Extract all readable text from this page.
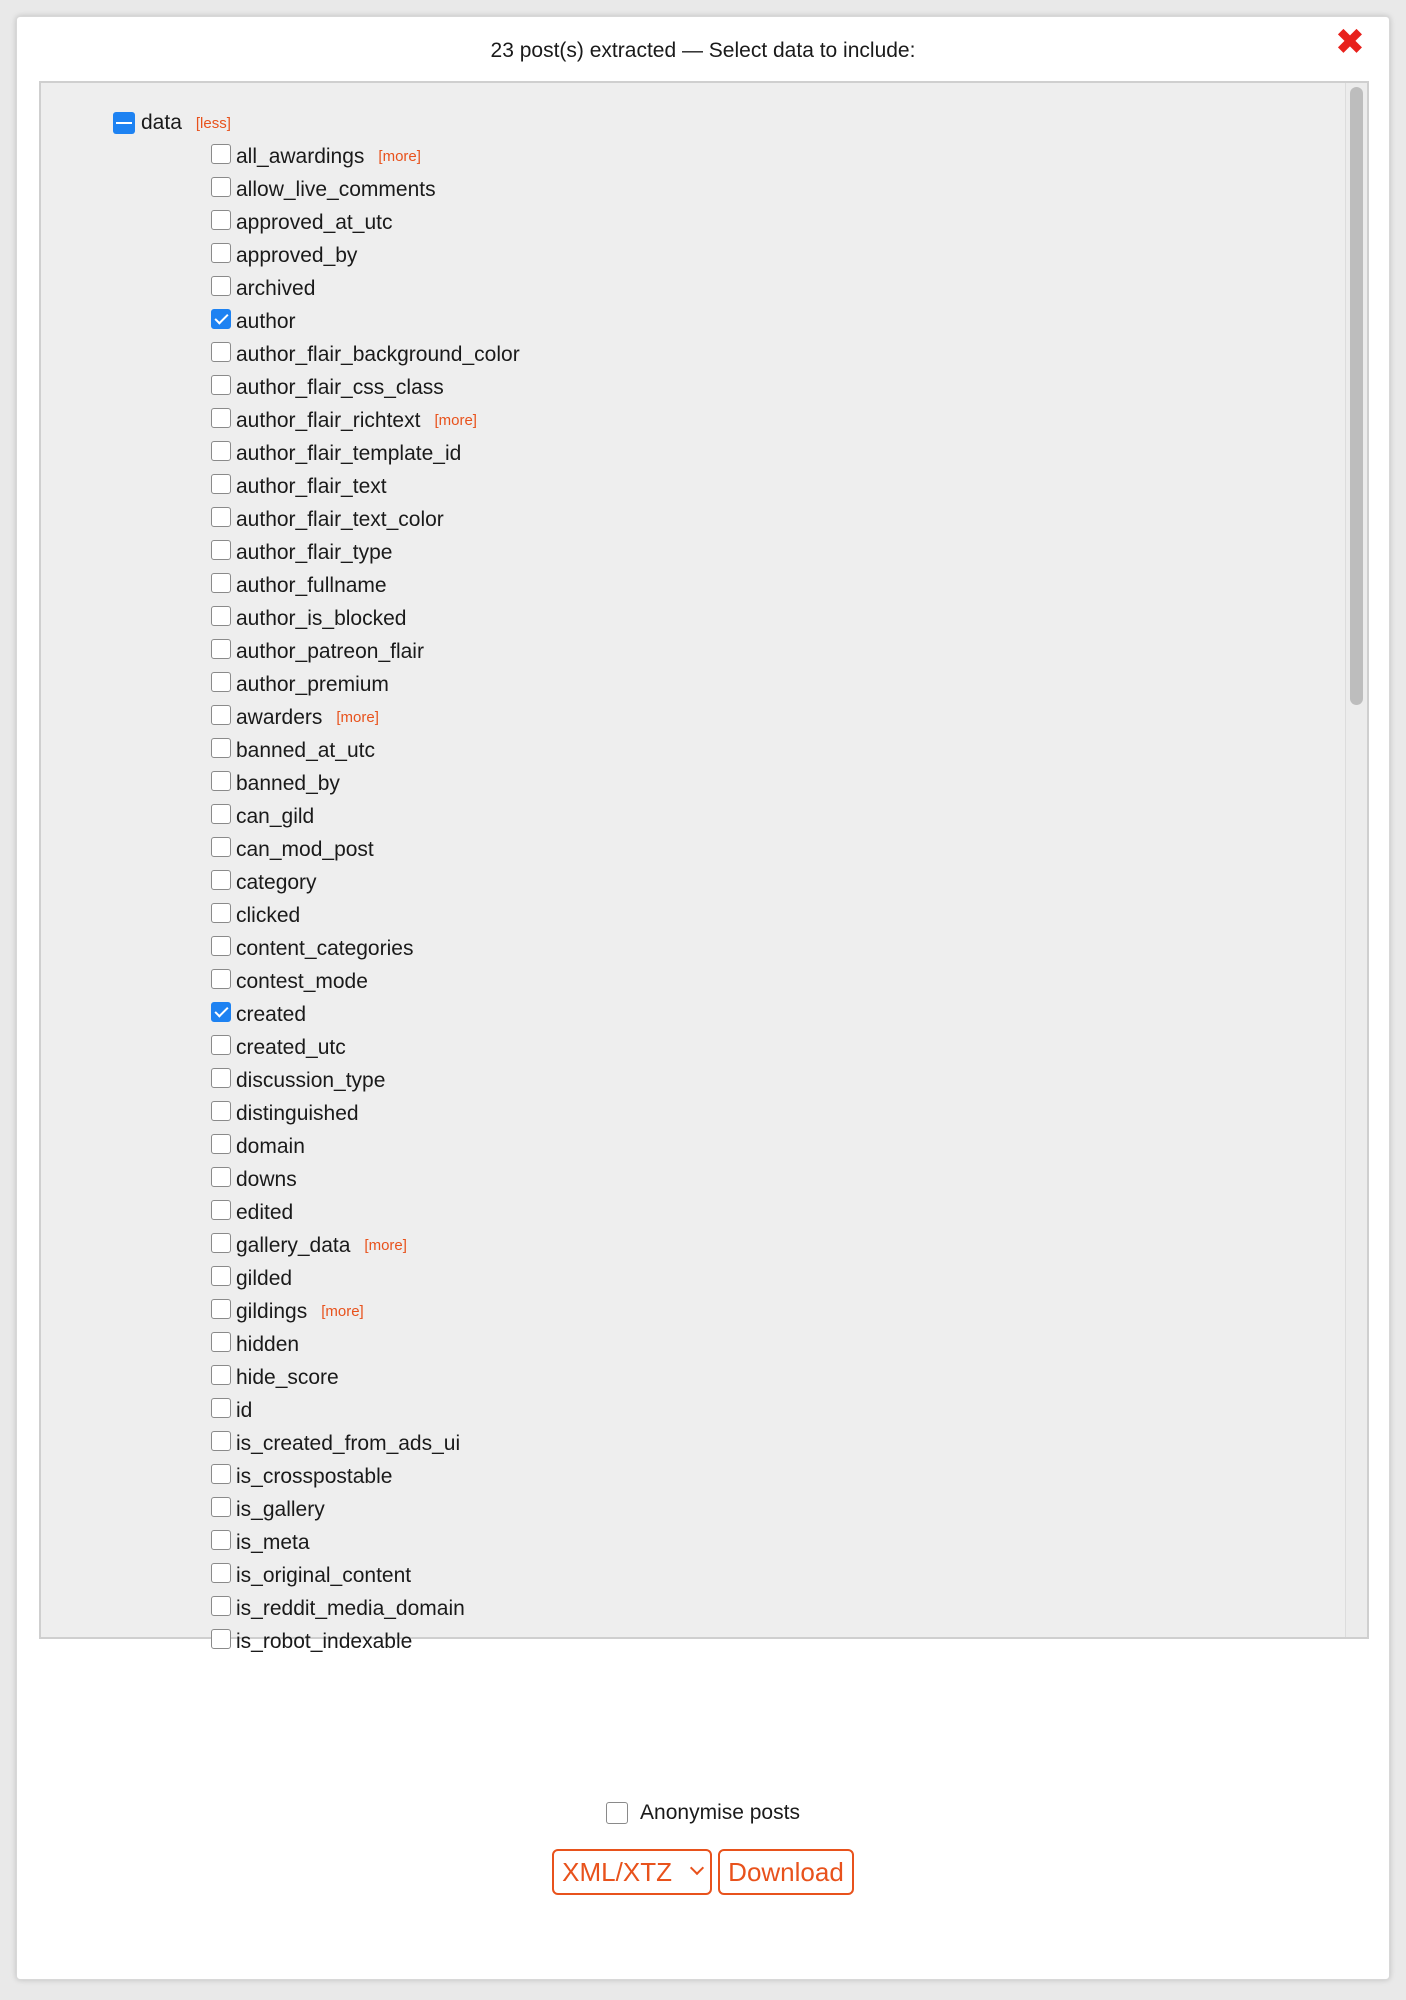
✖
23 post(s) extracted — Select data to include:
data [less]
all_awardings [more]
allow_live_comments
approved_at_utc
approved_by
archived
author
author_flair_background_color
author_flair_css_class
author_flair_richtext [more]
author_flair_template_id
author_flair_text
author_flair_text_color
author_flair_type
author_fullname
author_is_blocked
author_patreon_flair
author_premium
awarders [more]
banned_at_utc
banned_by
can_gild
can_mod_post
category
clicked
content_categories
contest_mode
created
created_utc
discussion_type
distinguished
domain
downs
edited
gallery_data [more]
gilded
gildings [more]
hidden
hide_score
id
is_created_from_ads_ui
is_crosspostable
is_gallery
is_meta
is_original_content
is_reddit_media_domain
is_robot_indexable
Anonymise posts
XML/XTZ	Download
